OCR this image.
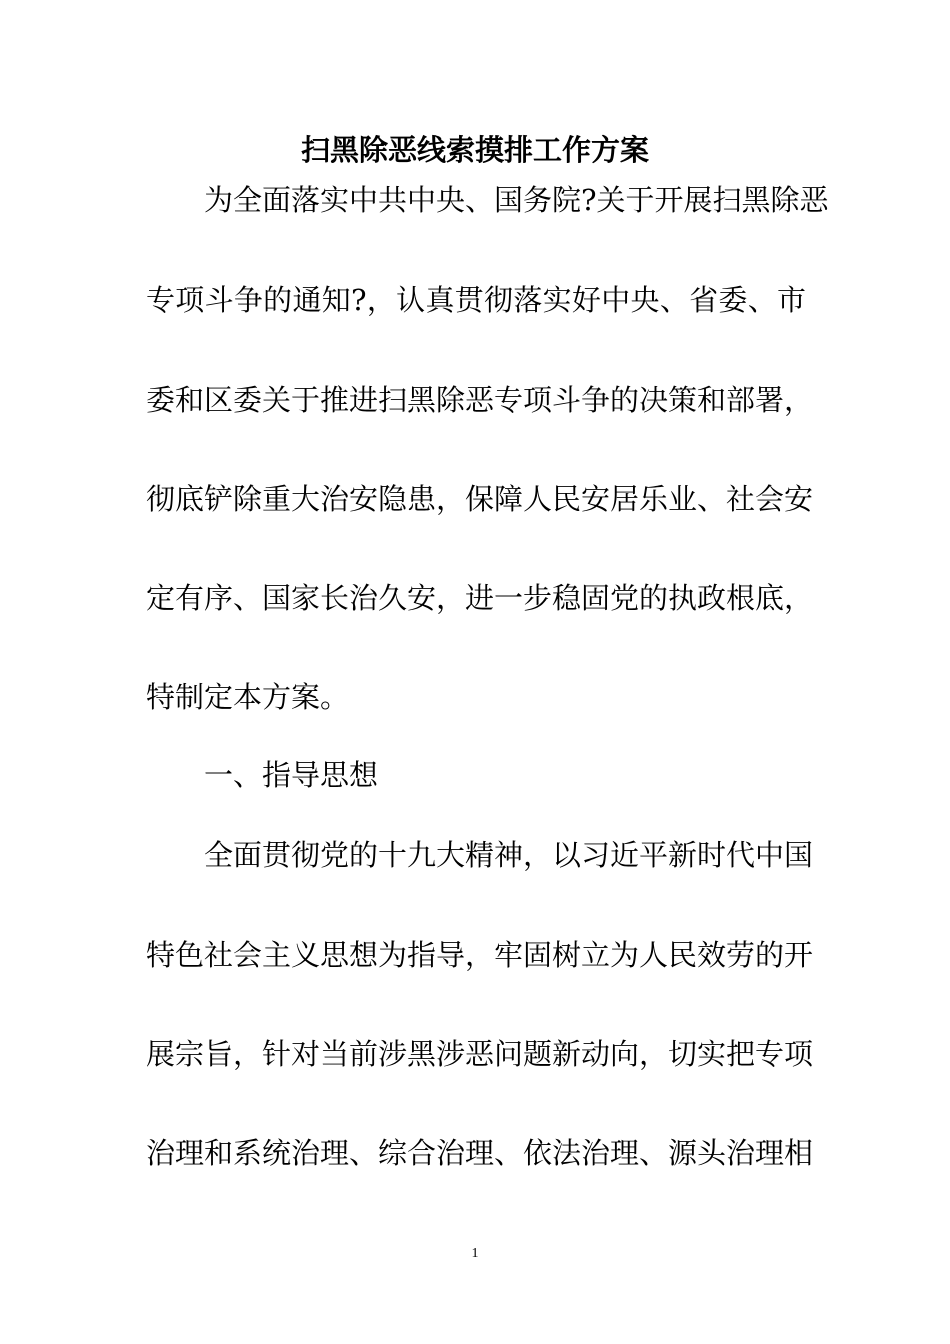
扫黑除恶线索摸排工作方案
为全面落实中共中央、国务院?关于开展扫黑除恶
专项斗争的通知?，认真贯彻落实好中央、省委、市
委和区委关于推进扫黑除恶专项斗争的决策和部署，
彻底铲除重大治安隐患，保障人民安居乐业、社会安
定有序、国家长治久安，进一步稳固党的执政根底，
特制定本方案。
一、指导思想
全面贯彻党的十九大精神，以习近平新时代中国
特色社会主义思想为指导，牢固树立为人民效劳的开
展宗旨，针对当前涉黑涉恶问题新动向，切实把专项
治理和系统治理、综合治理、依法治理、源头治理相
1
